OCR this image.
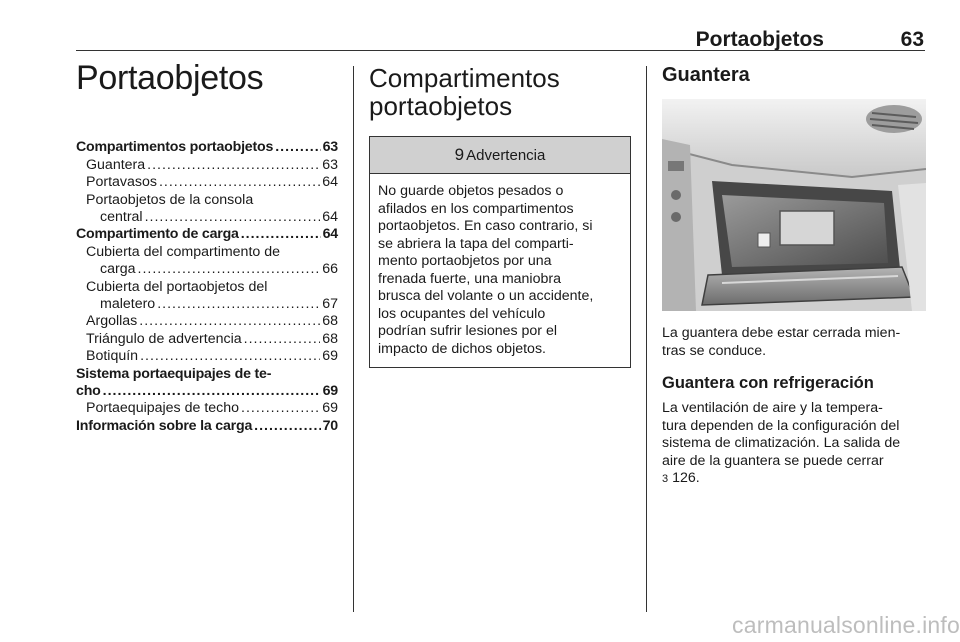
Portaobjetos	63
Portaobjetos
Compartimentos portaobjetos .....	63
Guantera .....	63
Portavasos .....	64
Portaobjetos de la consola
central .....	64
Compartimento de carga .....	64
Cubierta del compartimento de
carga .....	66
Cubierta del portaobjetos del
maletero .....	67
Argollas .....	68
Triángulo de advertencia .....	68
Botiquín .....	69
Sistema portaequipajes de te-
cho .....	69
Portaequipajes de techo .....	69
Información sobre la carga .....	70
Compartimentos
portaobjetos
9 Advertencia
No guarde objetos pesados o
afilados en los compartimentos
portaobjetos. En caso contrario, si
se abriera la tapa del comparti-
mento portaobjetos por una
frenada fuerte, una maniobra
brusca del volante o un accidente,
los ocupantes del vehículo
podrían sufrir lesiones por el
impacto de dichos objetos.
Guantera
La guantera debe estar cerrada mien-
tras se conduce.
Guantera con refrigeración
La ventilación de aire y la tempera-
tura dependen de la configuración del
sistema de climatización. La salida de
aire de la guantera se puede cerrar
3 126.
carmanualsonline.info
